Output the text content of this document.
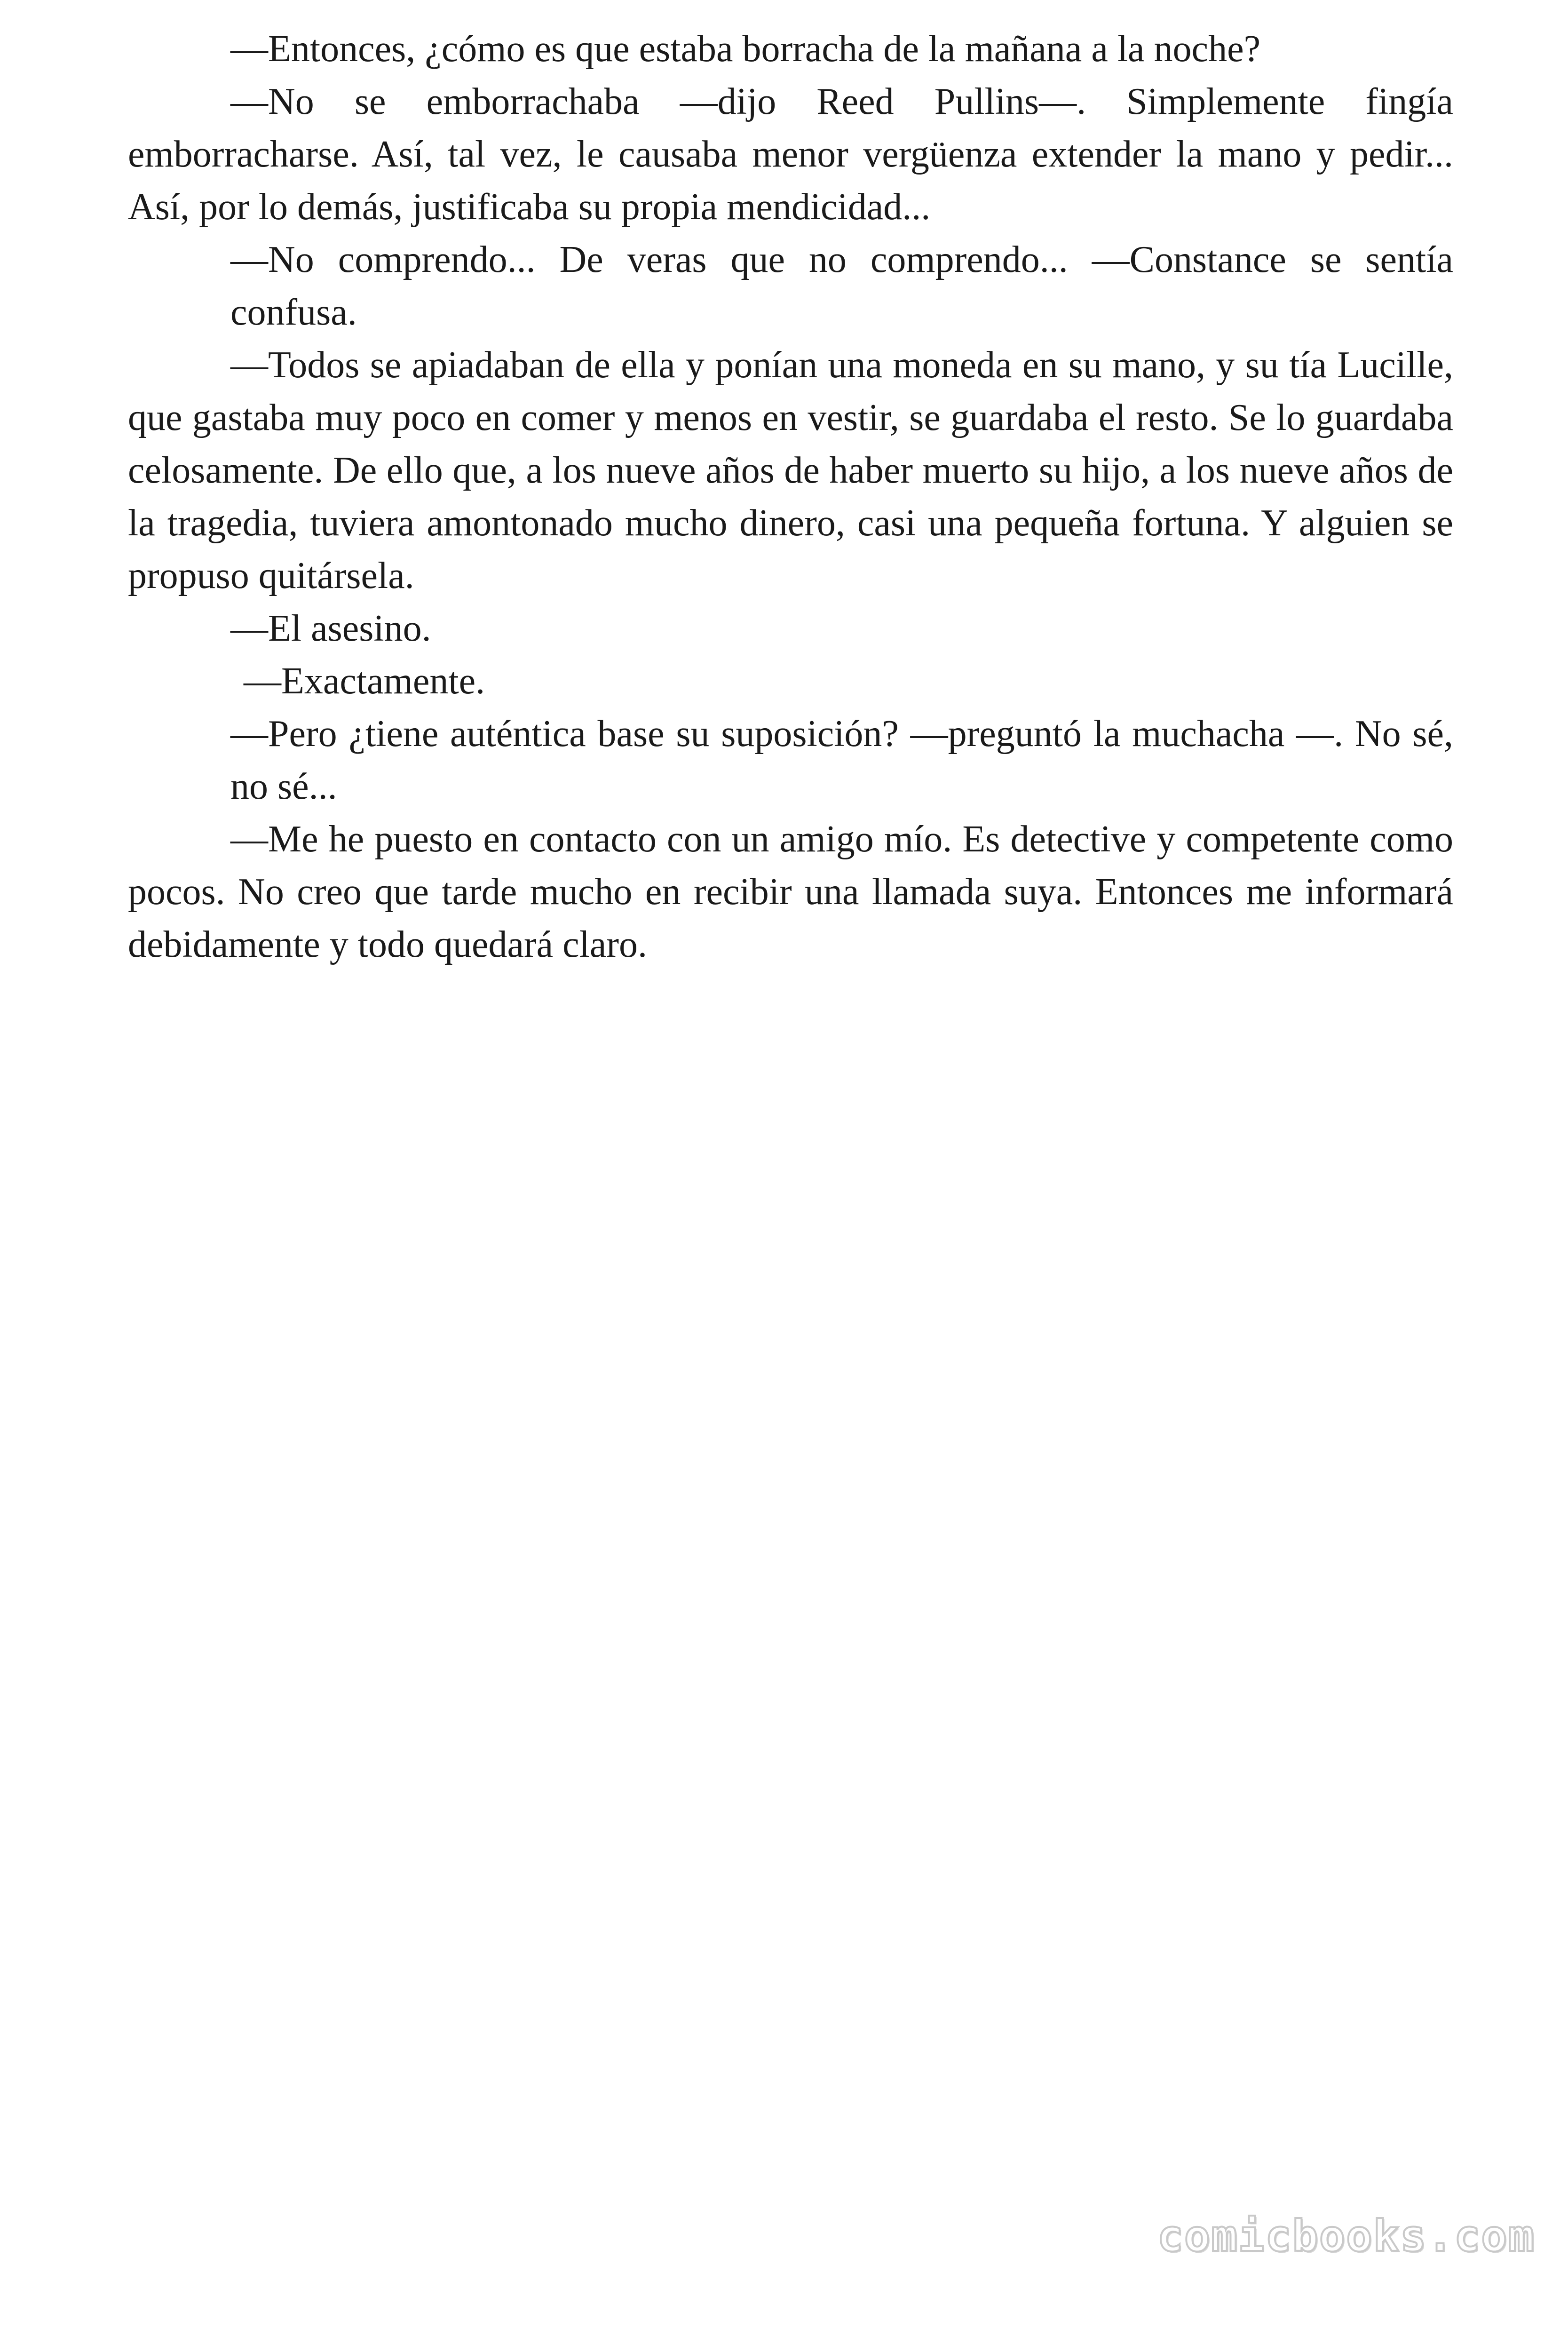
—Entonces, ¿cómo es que estaba borracha de la mañana a la noche?

—No se emborrachaba —dijo Reed Pullins—. Simplemente fingía emborracharse. Así, tal vez, le causaba menor vergüenza extender la mano y pedir... Así, por lo demás, justificaba su propia mendicidad...

—No comprendo... De veras que no comprendo... —Constance se sentía confusa.

—Todos se apiadaban de ella y ponían una moneda en su mano, y su tía Lucille, que gastaba muy poco en comer y menos en vestir, se guardaba el resto. Se lo guardaba celosamente. De ello que, a los nueve años de haber muerto su hijo, a los nueve años de la tragedia, tuviera amontonado mucho dinero, casi una pequeña fortuna. Y alguien se propuso quitársela.

—El asesino.

—Exactamente.

—Pero ¿tiene auténtica base su suposición? —preguntó la muchacha —. No sé, no sé...

—Me he puesto en contacto con un amigo mío. Es detective y competente como pocos. No creo que tarde mucho en recibir una llamada suya. Entonces me informará debidamente y todo quedará claro.

comicbooks.com
